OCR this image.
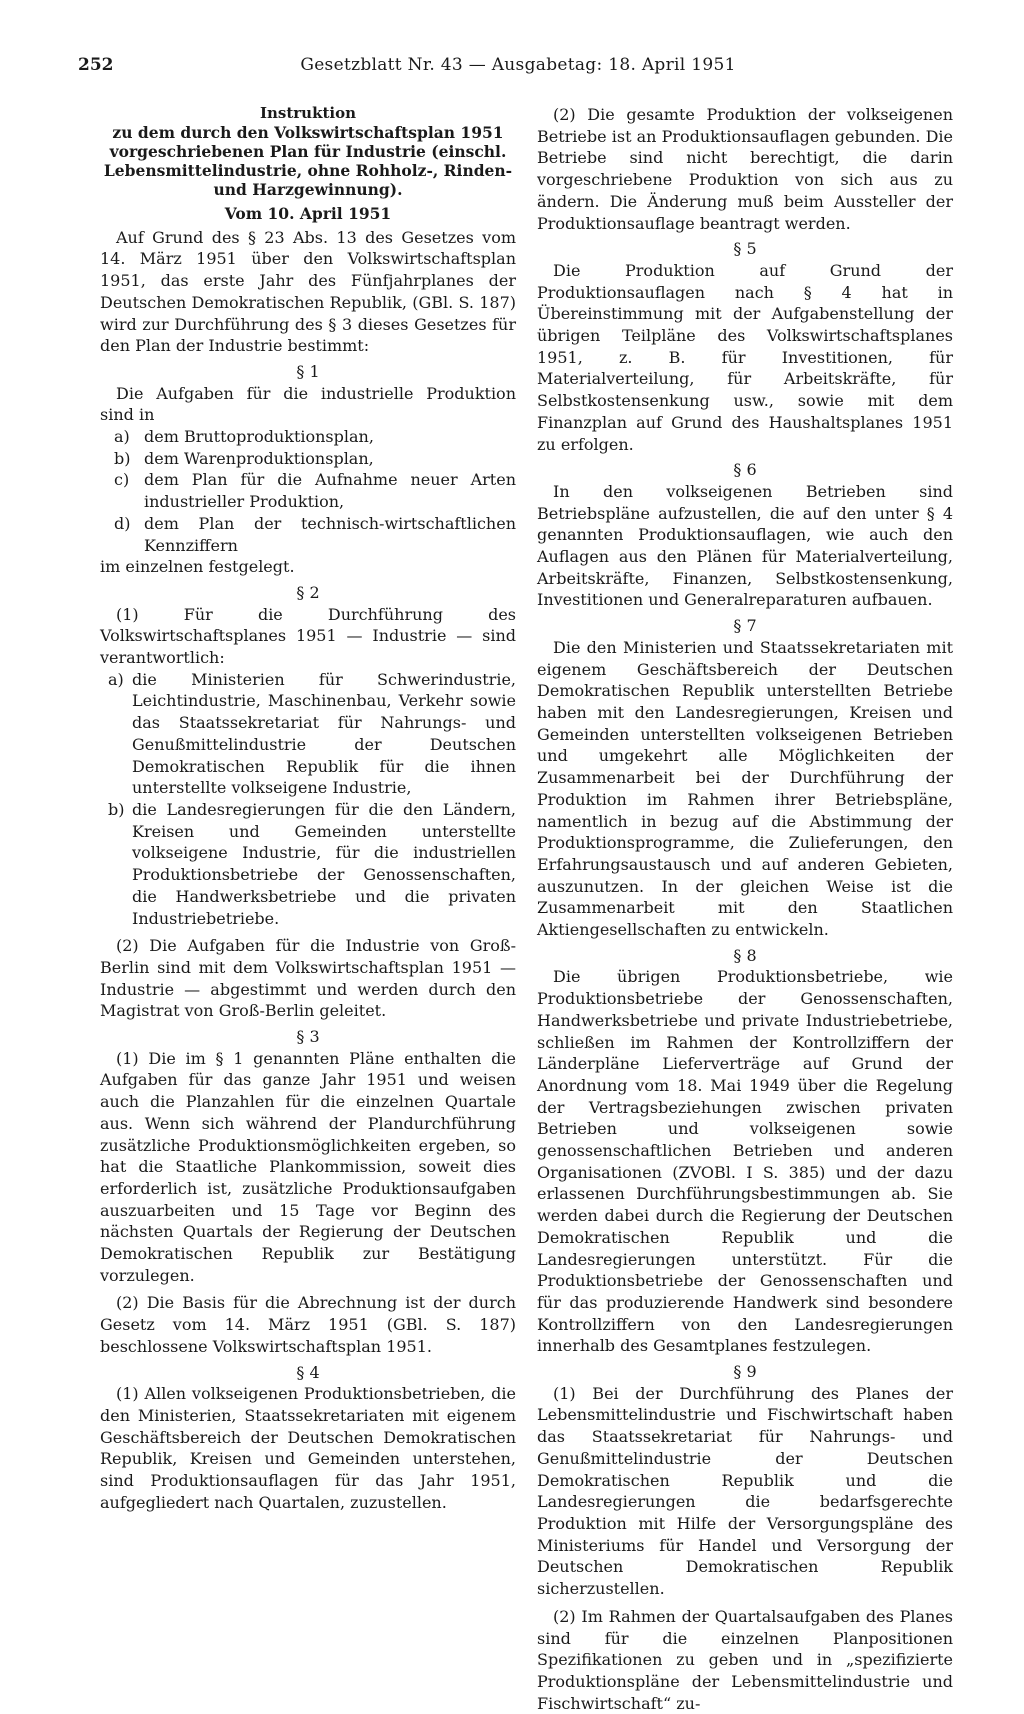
252	Gesetzblatt Nr. 43 — Ausgabetag: 18. April 1951
Instruktion
zu dem durch den Volkswirtschaftsplan 1951 vorgeschriebenen Plan für Industrie (einschl. Lebensmittelindustrie, ohne Rohholz-, Rinden- und Harzgewinnung).
Vom 10. April 1951

Auf Grund des § 23 Abs. 13 des Gesetzes vom 14. März 1951 über den Volkswirtschaftsplan 1951, das erste Jahr des Fünfjahrplanes der Deutschen Demokratischen Republik, (GBl. S. 187) wird zur Durchführung des § 3 dieses Gesetzes für den Plan der Industrie bestimmt:

§ 1

Die Aufgaben für die industrielle Produktion sind in

a) dem Bruttoproduktionsplan,
b) dem Warenproduktionsplan,
c) dem Plan für die Aufnahme neuer Arten industrieller Produktion,
d) dem Plan der technisch-wirtschaftlichen Kennziffern

im einzelnen festgelegt.

§ 2

(1) Für die Durchführung des Volkswirtschaftsplanes 1951 — Industrie — sind verantwortlich:

a) die Ministerien für Schwerindustrie, Leichtindustrie, Maschinenbau, Verkehr sowie das Staatssekretariat für Nahrungs- und Genußmittelindustrie der Deutschen Demokratischen Republik für die ihnen unterstellte volkseigene Industrie,
b) die Landesregierungen für die den Ländern, Kreisen und Gemeinden unterstellte volkseigene Industrie, für die industriellen Produktionsbetriebe der Genossenschaften, die Handwerksbetriebe und die privaten Industriebetriebe.

(2) Die Aufgaben für die Industrie von Groß-Berlin sind mit dem Volkswirtschaftsplan 1951 — Industrie — abgestimmt und werden durch den Magistrat von Groß-Berlin geleitet.

§ 3

(1) Die im § 1 genannten Pläne enthalten die Aufgaben für das ganze Jahr 1951 und weisen auch die Planzahlen für die einzelnen Quartale aus. Wenn sich während der Plandurchführung zusätzliche Produktionsmöglichkeiten ergeben, so hat die Staatliche Plankommission, soweit dies erforderlich ist, zusätzliche Produktionsaufgaben auszuarbeiten und 15 Tage vor Beginn des nächsten Quartals der Regierung der Deutschen Demokratischen Republik zur Bestätigung vorzulegen.

(2) Die Basis für die Abrechnung ist der durch Gesetz vom 14. März 1951 (GBl. S. 187) beschlossene Volkswirtschaftsplan 1951.

§ 4

(1) Allen volkseigenen Produktionsbetrieben, die den Ministerien, Staatssekretariaten mit eigenem Geschäftsbereich der Deutschen Demokratischen Republik, Kreisen und Gemeinden unterstehen, sind Produktionsauflagen für das Jahr 1951, aufgegliedert nach Quartalen, zuzustellen.

(2) Die gesamte Produktion der volkseigenen Betriebe ist an Produktionsauflagen gebunden. Die Betriebe sind nicht berechtigt, die darin vorgeschriebene Produktion von sich aus zu ändern. Die Änderung muß beim Aussteller der Produktionsauflage beantragt werden.

§ 5

Die Produktion auf Grund der Produktionsauflagen nach § 4 hat in Übereinstimmung mit der Aufgabenstellung der übrigen Teilpläne des Volkswirtschaftsplanes 1951, z. B. für Investitionen, für Materialverteilung, für Arbeitskräfte, für Selbstkostensenkung usw., sowie mit dem Finanzplan auf Grund des Haushaltsplanes 1951 zu erfolgen.

§ 6

In den volkseigenen Betrieben sind Betriebspläne aufzustellen, die auf den unter § 4 genannten Produktionsauflagen, wie auch den Auflagen aus den Plänen für Materialverteilung, Arbeitskräfte, Finanzen, Selbstkostensenkung, Investitionen und Generalreparaturen aufbauen.

§ 7

Die den Ministerien und Staatssekretariaten mit eigenem Geschäftsbereich der Deutschen Demokratischen Republik unterstellten Betriebe haben mit den Landesregierungen, Kreisen und Gemeinden unterstellten volkseigenen Betrieben und umgekehrt alle Möglichkeiten der Zusammenarbeit bei der Durchführung der Produktion im Rahmen ihrer Betriebspläne, namentlich in bezug auf die Abstimmung der Produktionsprogramme, die Zulieferungen, den Erfahrungsaustausch und auf anderen Gebieten, auszunutzen. In der gleichen Weise ist die Zusammenarbeit mit den Staatlichen Aktiengesellschaften zu entwickeln.

§ 8

Die übrigen Produktionsbetriebe, wie Produktionsbetriebe der Genossenschaften, Handwerksbetriebe und private Industriebetriebe, schließen im Rahmen der Kontrollziffern der Länderpläne Lieferverträge auf Grund der Anordnung vom 18. Mai 1949 über die Regelung der Vertragsbeziehungen zwischen privaten Betrieben und volkseigenen sowie genossenschaftlichen Betrieben und anderen Organisationen (ZVOBl. I S. 385) und der dazu erlassenen Durchführungsbestimmungen ab. Sie werden dabei durch die Regierung der Deutschen Demokratischen Republik und die Landesregierungen unterstützt. Für die Produktionsbetriebe der Genossenschaften und für das produzierende Handwerk sind besondere Kontrollziffern von den Landesregierungen innerhalb des Gesamtplanes festzulegen.

§ 9

(1) Bei der Durchführung des Planes der Lebensmittelindustrie und Fischwirtschaft haben das Staatssekretariat für Nahrungs- und Genußmittelindustrie der Deutschen Demokratischen Republik und die Landesregierungen die bedarfsgerechte Produktion mit Hilfe der Versorgungspläne des Ministeriums für Handel und Versorgung der Deutschen Demokratischen Republik sicherzustellen.

(2) Im Rahmen der Quartalsaufgaben des Planes sind für die einzelnen Planpositionen Spezifikationen zu geben und in „spezifizierte Produktionspläne der Lebensmittelindustrie und Fischwirtschaft“ zu-
